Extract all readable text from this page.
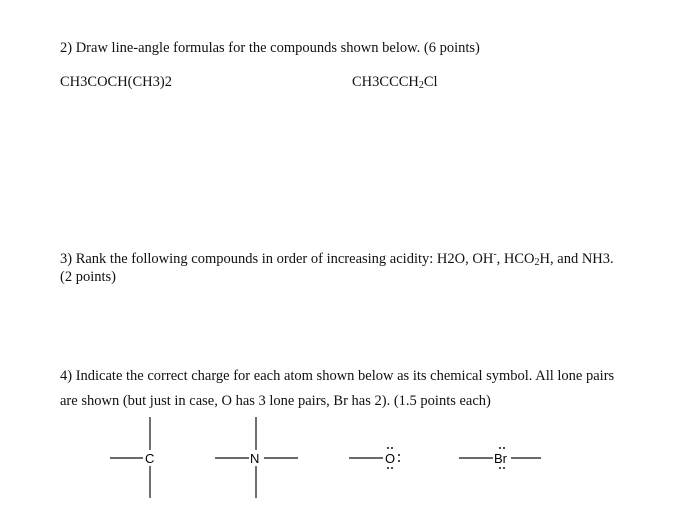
2) Draw line-angle formulas for the compounds shown below. (6 points)
CH3COCH(CH3)2	$CH3CCCH_2Cl$
3) Rank the following compounds in order of increasing acidity: H2O, OH-, $HCO_2H$, and NH3.
(2 points)
4) Indicate the correct charge for each atom shown below as its chemical symbol. All lone pairs
are shown (but just in case, O has 3 lone pairs, Br has 2). (1.5 points each)
C	N	O	Br
